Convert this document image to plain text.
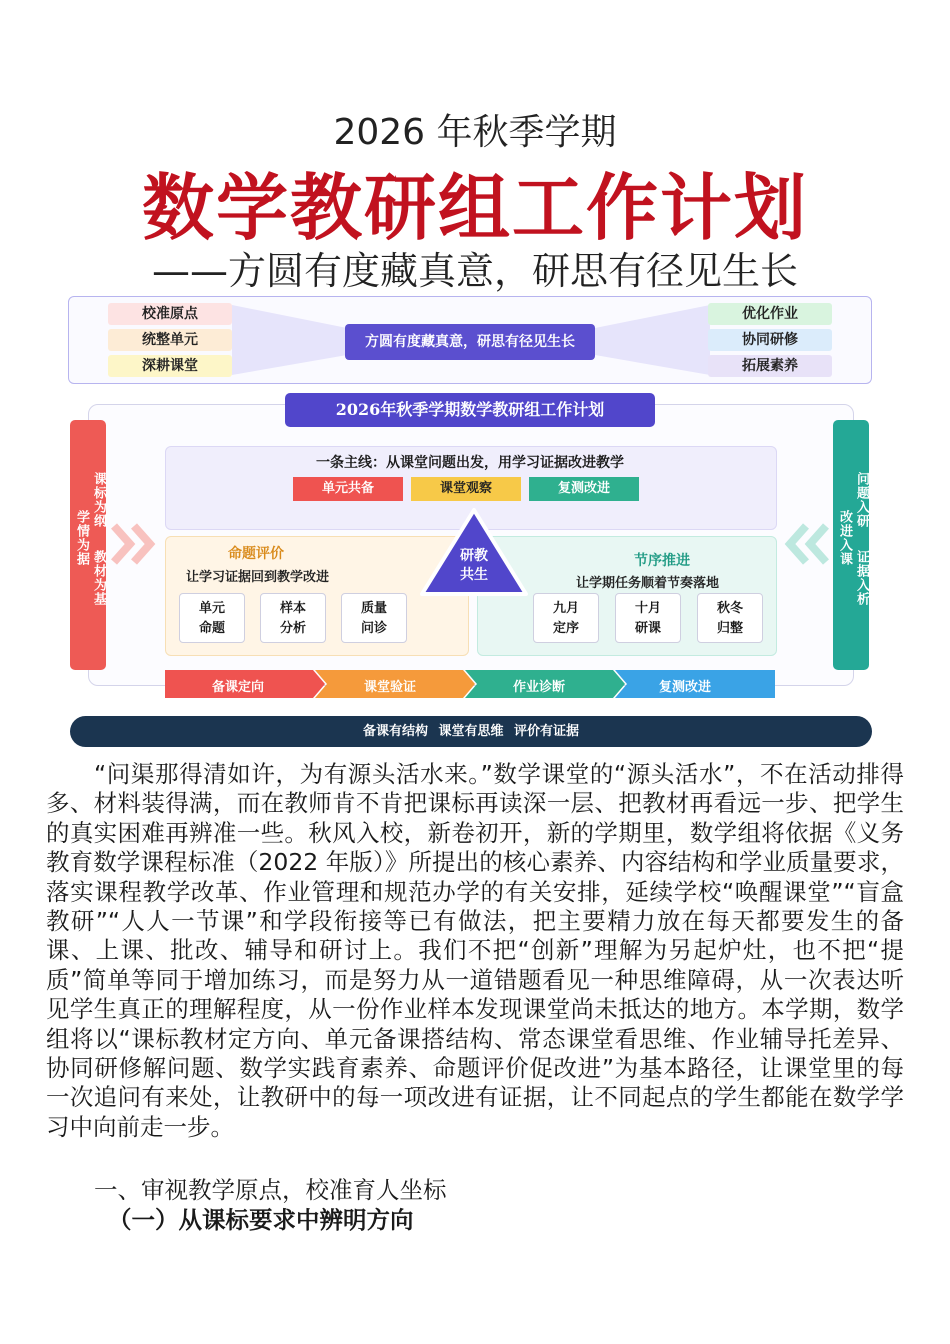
2026 年秋季学期
数学教研组工作计划
——方圆有度藏真意，研思有径见生长
校准原点
统整单元
深耕课堂
方圆有度藏真意，研思有径见生长
优化作业
协同研修
拓展素养
2026年秋季学期数学教研组工作计划
课标为纲
教材为基
学情为据
问题入研
证据入析
改进入课
一条主线：从课堂问题出发，用学习证据改进教学
单元共备	课堂观察	复测改进
命题评价
让学习证据回到教学改进
单元
命题
样本
分析
质量
问诊
节序推进
让学期任务顺着节奏落地
九月
定序
十月
研课
秋冬
归整
研教
共生
备课定向	课堂验证	作业诊断	复测改进
备课有结构 课堂有思维 评价有证据
“问渠那得清如许，为有源头活水来。”数学课堂的“源头活水”，不在活动排得多、材料装得满，而在教师肯不肯把课标再读深一层、把教材再看远一步、把学生的真实困难再辨准一些。秋风入校，新卷初开，新的学期里，数学组将依据《义务教育数学课程标准（2022 年版）》所提出的核心素养、内容结构和学业质量要求，落实课程教学改革、作业管理和规范办学的有关安排，延续学校“唤醒课堂”“盲盒教研”“人人一节课”和学段衔接等已有做法，把主要精力放在每天都要发生的备课、上课、批改、辅导和研讨上。我们不把“创新”理解为另起炉灶，也不把“提质”简单等同于增加练习，而是努力从一道错题看见一种思维障碍，从一次表达听见学生真正的理解程度，从一份作业样本发现课堂尚未抵达的地方。本学期，数学组将以“课标教材定方向、单元备课搭结构、常态课堂看思维、作业辅导托差异、协同研修解问题、数学实践育素养、命题评价促改进”为基本路径，让课堂里的每一次追问有来处，让教研中的每一项改进有证据，让不同起点的学生都能在数学学习中向前走一步。
一、审视教学原点，校准育人坐标
（一）从课标要求中辨明方向
